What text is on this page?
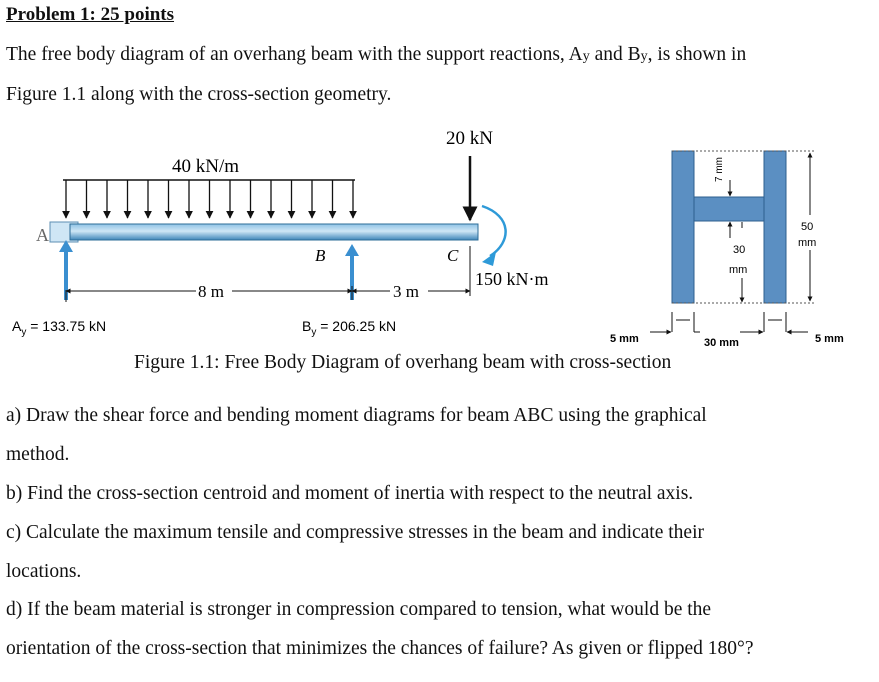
Problem 1: 25 points
The free body diagram of an overhang beam with the support reactions, Ay and By, is shown in
Figure 1.1 along with the cross-section geometry.
40 kN/m
20 kN
A
B	C
8 m	3 m
150 kN·m
$A_y = 133.75$ kN	$B_y = 206.25$ kN
7 mm
30
mm
50
mm
5 mm	30 mm	5 mm
Figure 1.1: Free Body Diagram of overhang beam with cross-section
a) Draw the shear force and bending moment diagrams for beam ABC using the graphical
method.
b) Find the cross-section centroid and moment of inertia with respect to the neutral axis.
c) Calculate the maximum tensile and compressive stresses in the beam and indicate their
locations.
d) If the beam material is stronger in compression compared to tension, what would be the
orientation of the cross-section that minimizes the chances of failure? As given or flipped 180°?
